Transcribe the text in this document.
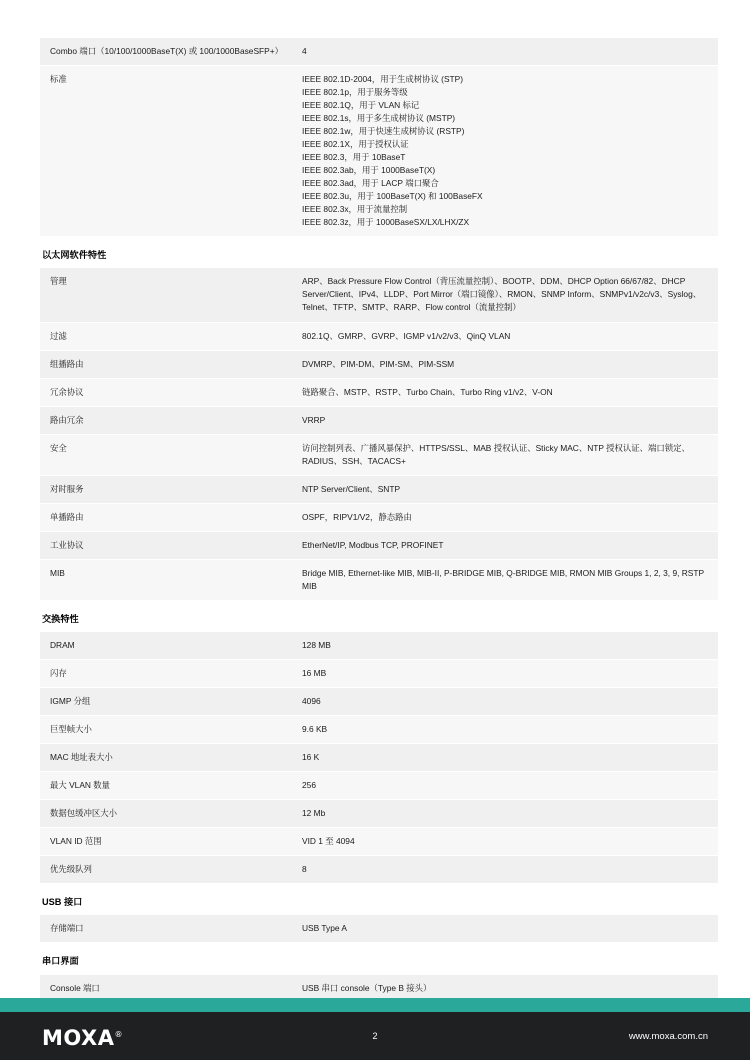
Combo 端口（10/100/1000BaseT(X) 或 100/1000BaseSFP+）	4
标准	IEEE 802.1D-2004，用于生成树协议 (STP)
IEEE 802.1p，用于服务等级
IEEE 802.1Q，用于 VLAN 标记
IEEE 802.1s，用于多生成树协议 (MSTP)
IEEE 802.1w，用于快速生成树协议 (RSTP)
IEEE 802.1X，用于授权认证
IEEE 802.3，用于 10BaseT
IEEE 802.3ab，用于 1000BaseT(X)
IEEE 802.3ad，用于 LACP 端口聚合
IEEE 802.3u，用于 100BaseT(X) 和 100BaseFX
IEEE 802.3x，用于流量控制
IEEE 802.3z，用于 1000BaseSX/LX/LHX/ZX
以太网软件特性	
管理	ARP、Back Pressure Flow Control（背压流量控制）、BOOTP、DDM、DHCP Option 66/67/82、DHCP Server/Client、IPv4、LLDP、Port Mirror（端口镜像）、RMON、SNMP Inform、SNMPv1/v2c/v3、Syslog、Telnet、TFTP、SMTP、RARP、Flow control（流量控制）
过滤	802.1Q、GMRP、GVRP、IGMP v1/v2/v3、QinQ VLAN
组播路由	DVMRP、PIM-DM、PIM-SM、PIM-SSM
冗余协议	链路聚合、MSTP、RSTP、Turbo Chain、Turbo Ring v1/v2、V-ON
路由冗余	VRRP
安全	访问控制列表、广播风暴保护、HTTPS/SSL、MAB 授权认证、Sticky MAC、NTP 授权认证、端口锁定、RADIUS、SSH、TACACS+
对时服务	NTP Server/Client、SNTP
单播路由	OSPF，RIPV1/V2，静态路由
工业协议	EtherNet/IP, Modbus TCP, PROFINET
MIB	Bridge MIB, Ethernet-like MIB, MIB-II, P-BRIDGE MIB, Q-BRIDGE MIB, RMON MIB Groups 1, 2, 3, 9, RSTP MIB
交换特性	
DRAM	128 MB
闪存	16 MB
IGMP 分组	4096
巨型帧大小	9.6 KB
MAC 地址表大小	16 K
最大 VLAN 数量	256
数据包缓冲区大小	12 Mb
VLAN ID 范围	VID 1 至 4094
优先级队列	8
USB 接口	
存储端口	USB Type A
串口界面	
Console 端口	USB 串口 console（Type B 接头）
MOXA®	2	www.moxa.com.cn
